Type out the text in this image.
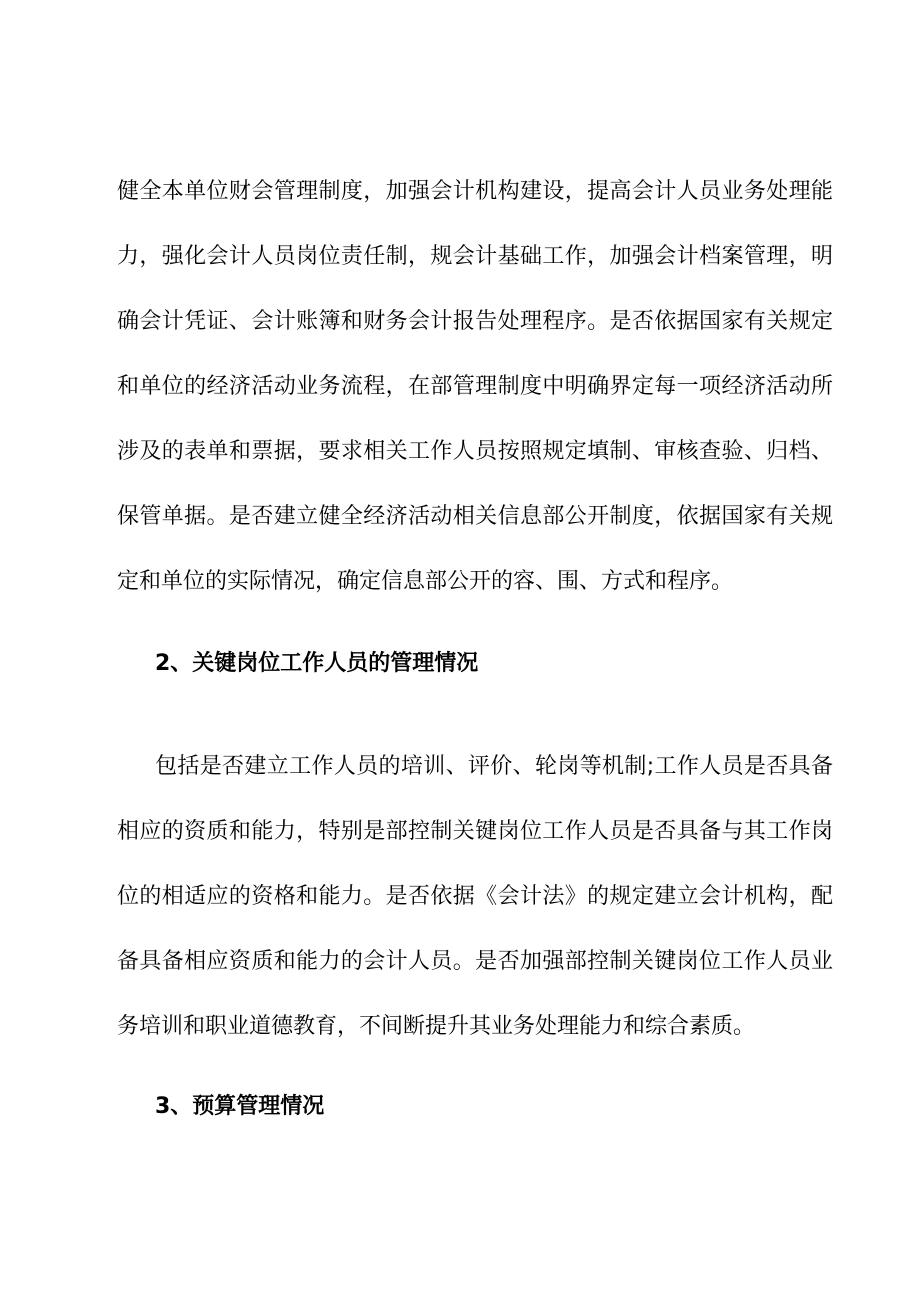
健全本单位财会管理制度，加强会计机构建设，提高会计人员业务处理能力，强化会计人员岗位责任制，规会计基础工作，加强会计档案管理，明确会计凭证、会计账簿和财务会计报告处理程序。是否依据国家有关规定和单位的经济活动业务流程，在部管理制度中明确界定每一项经济活动所涉及的表单和票据，要求相关工作人员按照规定填制、审核查验、归档、保管单据。是否建立健全经济活动相关信息部公开制度，依据国家有关规定和单位的实际情况，确定信息部公开的容、围、方式和程序。

2、关键岗位工作人员的管理情况

包括是否建立工作人员的培训、评价、轮岗等机制;工作人员是否具备相应的资质和能力，特别是部控制关键岗位工作人员是否具备与其工作岗位的相适应的资格和能力。是否依据《会计法》的规定建立会计机构，配备具备相应资质和能力的会计人员。是否加强部控制关键岗位工作人员业务培训和职业道德教育，不间断提升其业务处理能力和综合素质。

3、预算管理情况
